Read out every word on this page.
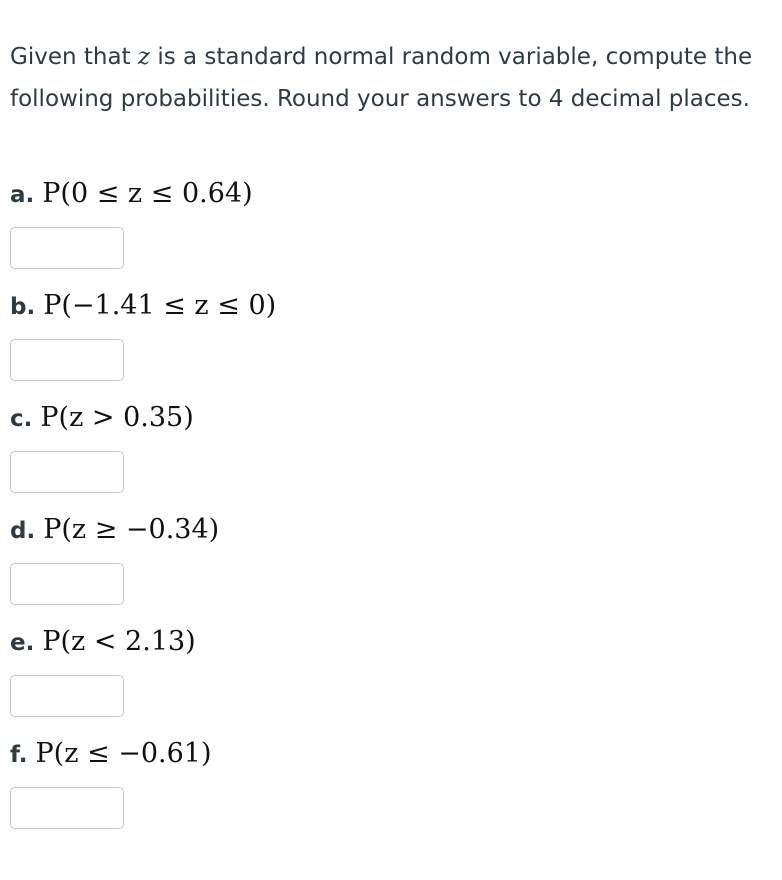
Given that z is a standard normal random variable, compute the following probabilities. Round your answers to 4 decimal places.

a. P(0 ≤ z ≤ 0.64)
b. P(−1.41 ≤ z ≤ 0)
c. P(z > 0.35)
d. P(z ≥ −0.34)
e. P(z < 2.13)
f. P(z ≤ −0.61)
